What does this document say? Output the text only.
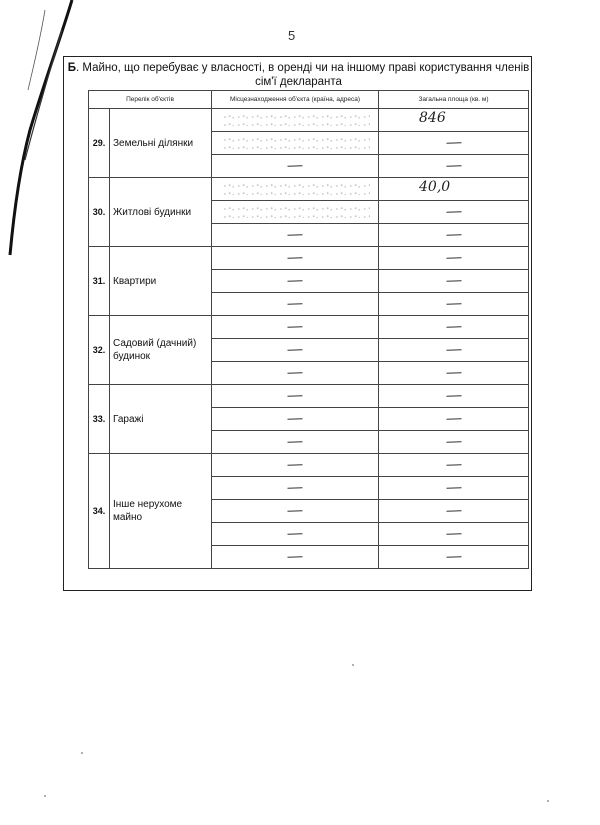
5
Б. Майно, що перебуває у власності, в оренді чи на іншому праві користування членів сім'ї декларанта
Перелік об'єктів		Місцезнаходження об'єкта (країна, адреса)	Загальна площа (кв. м)
29.	Земельні ділянки		846

30.	Житлові будинки		40,0

31.	Квартири	

32.	Садовий (дачний) будинок	

33.	Гаражі	

34.	Інше нерухоме майно	
